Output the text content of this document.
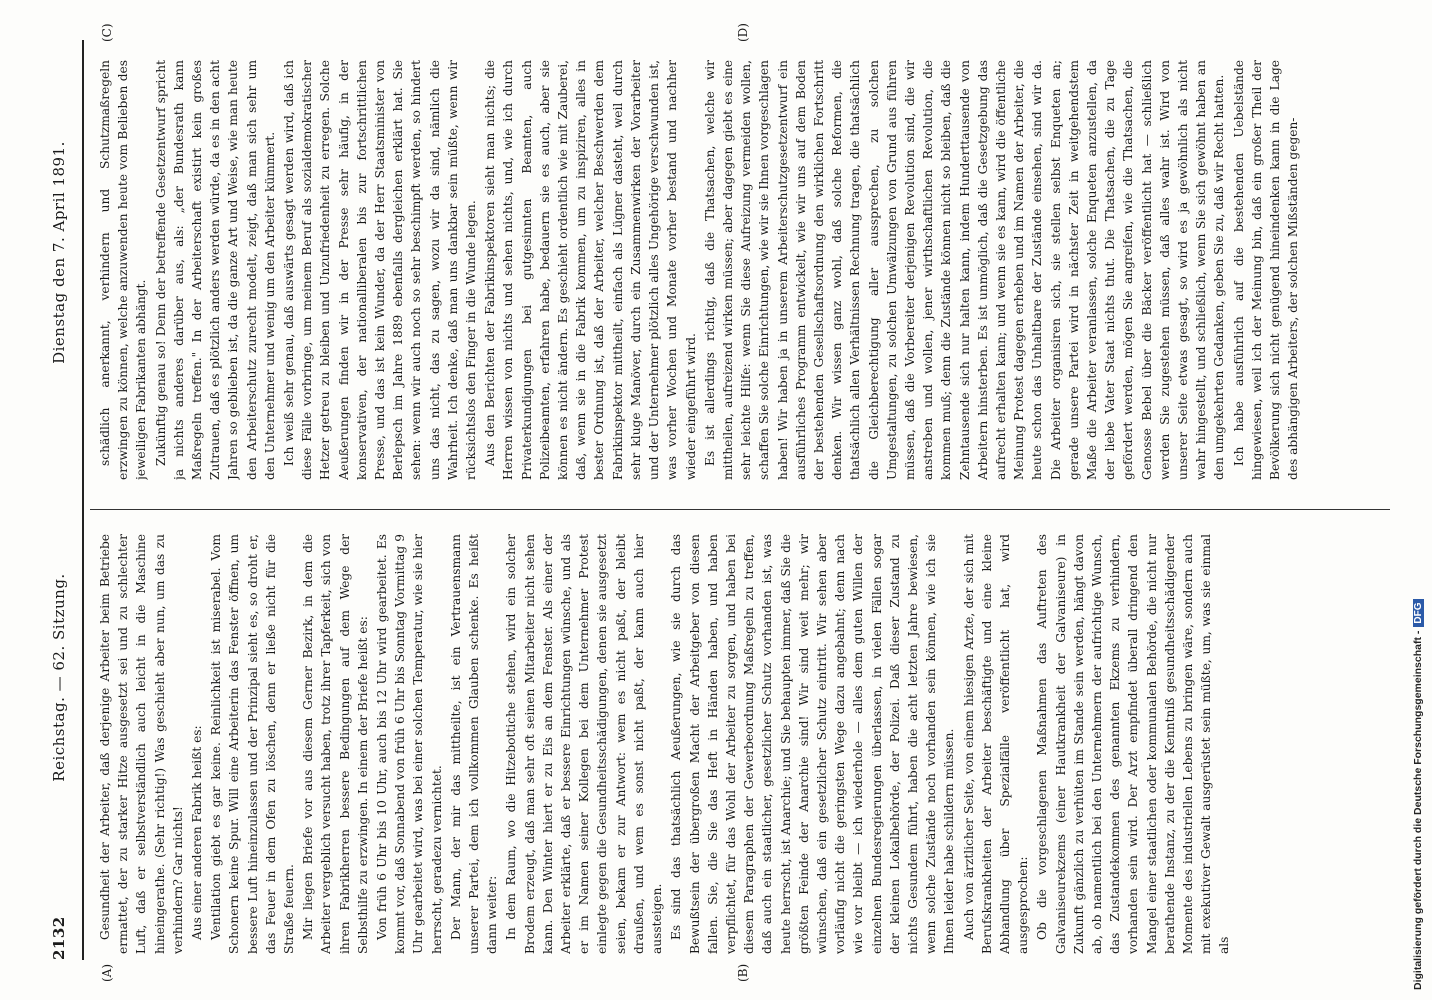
2132
Reichstag. — 62. Sitzung.
Dienstag den 7. April 1891.
(A)	(B)
(C)	(D)

Gesundheit der Arbeiter, daß derjenige Arbeiter beim Betriebe ermattet, der zu starker Hitze ausgesetzt sei und zu schlechter Luft, daß er selbstverständlich auch leicht in die Maschine hineingerathe. (Sehr richtig!) Was geschieht aber nun, um das zu verhindern? Gar nichts! Aus einer anderen Fabrik heißt es: Ventilation giebt es gar keine. Reinlichkeit ist miserabel. Vom Schonern keine Spur. Will eine Arbeiterin das Fenster öffnen, um bessere Luft hineinzulassen und der Prinzipal sieht es, so droht er, das Feuer in dem Ofen zu löschen, denn er ließe nicht für die Straße feuern. Mir liegen Briefe vor aus diesem Gerner Bezirk, in dem die Arbeiter vergeblich versucht haben, trotz ihrer Tapferkeit, sich von ihren Fabrikherren bessere Bedingungen auf dem Wege der Selbsthilfe zu erzwingen. In einem der Briefe heißt es: Von früh 6 Uhr bis 10 Uhr, auch bis 12 Uhr wird gearbeitet. Es kommt vor, daß Sonnabend von früh 6 Uhr bis Sonntag Vormittag 9 Uhr gearbeitet wird, was bei einer solchen Temperatur, wie sie hier herrscht, geradezu vernichtet. Der Mann, der mir das mittheilte, ist ein Vertrauensmann unserer Partei, dem ich vollkommen Glauben schenke. Es heißt dann weiter: In dem Raum, wo die Hitzebottiche stehen, wird ein solcher Brodem erzeugt, daß man sehr oft seinen Mitarbeiter nicht sehen kann. Den Winter hiert er zu Eis an dem Fenster. Als einer der Arbeiter erklärte, daß er bessere Einrichtungen wünsche, und als er im Namen seiner Kollegen bei dem Unternehmer Protest einlegte gegen die Gesundheitsschädigungen, denen sie ausgesetzt seien, bekam er zur Antwort: wem es nicht paßt, der bleibt draußen, und wem es sonst nicht paßt, der kann auch hier aussteigen. Es sind das thatsächlich Aeußerungen, wie sie durch das Bewußtsein der übergroßen Macht der Arbeitgeber von diesen fallen. Sie, die Sie das Heft in Händen haben, und haben verpflichtet, für das Wohl der Arbeiter zu sorgen, und haben bei diesem Paragraphen der Gewerbeordnung Maßregeln zu treffen, daß auch ein staatlicher, gesetzlicher Schutz vorhanden ist, was heute herrscht, ist Anarchie; und Sie behaupten immer, daß Sie die größten Feinde der Anarchie sind! Wir sind weit mehr; wir wünschen, daß ein gesetzlicher Schutz eintritt. Wir sehen aber vorläufig nicht die geringsten Wege dazu angebahnt; denn nach wie vor bleibt — ich wiederhole — alles dem guten Willen der einzelnen Bundesregierungen überlassen, in vielen Fällen sogar der kleinen Lokalbehörde, der Polizei. Daß dieser Zustand zu nichts Gesundem führt, haben die acht letzten Jahre bewiesen, wenn solche Zustände noch vorhanden sein können, wie ich sie Ihnen leider habe schildern müssen. Auch von ärztlicher Seite, von einem hiesigen Arzte, der sich mit Berufskrankheiten der Arbeiter beschäftigte und eine kleine Abhandlung über Spezialfälle veröffentlicht hat, wird ausgesprochen: Ob die vorgeschlagenen Maßnahmen das Auftreten des Galvaniseurekzems (einer Hautkrankheit der Galvaniseure) in Zukunft gänzlich zu verhüten im Stande sein werden, hängt davon ab, ob namentlich bei den Unternehmern der aufrichtige Wunsch, das Zustandekommen des genannten Ekzems zu verhindern, vorhanden sein wird. Der Arzt empfindet überall dringend den Mangel einer staatlichen oder kommunalen Behörde, die nicht nur berathende Instanz, zu der die Kenntniß gesundheitsschädigender Momente des industriellen Lebens zu bringen wäre, sondern auch mit exekutiver Gewalt ausgerüstet sein müßte, um, was sie einmal als

schädlich anerkannt, verhindern und Schutzmaßregeln erzwingen zu können, welche anzuwenden heute vom Belieben des jeweiligen Fabrikanten abhängt. Zukünftig genau so! Denn der betreffende Gesetzentwurf spricht ja nichts anderes darüber aus, als: „der Bundesrath kann Maßregeln treffen." In der Arbeiterschaft existirt kein großes Zutrauen, daß es plötzlich anders werden würde, da es in den acht Jahren so geblieben ist, da die ganze Art und Weise, wie man heute den Arbeiterschutz zurecht modelt, zeigt, daß man sich sehr um den Unternehmer und wenig um den Arbeiter kümmert. Ich weiß sehr genau, daß auswärts gesagt werden wird, daß ich diese Fälle vorbringe, um meinem Beruf als sozialdemokratischer Hetzer getreu zu bleiben und Unzufriedenheit zu erregen. Solche Aeußerungen finden wir in der Presse sehr häufig, in der konservativen, der nationalliberalen bis zur fortschrittlichen Presse, und das ist kein Wunder, da der Herr Staatsminister von Berlepsch im Jahre 1889 ebenfalls dergleichen erklärt hat. Sie sehen: wenn wir auch noch so sehr beschimpft werden, so hindert uns das nicht, das zu sagen, wozu wir da sind, nämlich die Wahrheit. Ich denke, daß man uns dankbar sein müßte, wenn wir rücksichtslos den Finger in die Wunde legen. Aus den Berichten der Fabrikinspektoren sieht man nichts; die Herren wissen von nichts und sehen nichts, und, wie ich durch Privaterkundigungen bei gutgesinnten Beamten, auch Polizeibeamten, erfahren habe, bedauern sie es auch, aber sie können es nicht ändern. Es geschieht ordentlich wie mit Zauberei, daß, wenn sie in die Fabrik kommen, um zu inspiziren, alles in bester Ordnung ist, daß der Arbeiter, welcher Beschwerden dem Fabrikinspektor mittheilt, einfach als Lügner dasteht, weil durch sehr kluge Manöver, durch ein Zusammenwirken der Vorarbeiter und der Unternehmer plötzlich alles Ungehörige verschwunden ist, was vorher Wochen und Monate vorher bestand und nachher wieder eingeführt wird. Es ist allerdings richtig, daß die Thatsachen, welche wir mittheilen, aufreizend wirken müssen; aber dagegen giebt es eine sehr leichte Hilfe: wenn Sie diese Aufreizung vermeiden wollen, schaffen Sie solche Einrichtungen, wie wir sie Ihnen vorgeschlagen haben! Wir haben ja in unserem Arbeiterschutzgesetzentwurf ein ausführliches Programm entwickelt, wie wir uns auf dem Boden der bestehenden Gesellschaftsordnung den wirklichen Fortschritt denken. Wir wissen ganz wohl, daß solche Reformen, die thatsächlich allen Verhältnissen Rechnung tragen, die thatsächlich die Gleichberechtigung aller aussprechen, zu solchen Umgestaltungen, zu solchen Umwälzungen von Grund aus führen müssen, daß die Vorbereiter derjenigen Revolution sind, die wir anstreben und wollen, jener wirthschaftlichen Revolution, die kommen muß; denn die Zustände können nicht so bleiben, daß die Zehntausende sich nur halten kann, indem Hunderttausende von Arbeitern hinsterben. Es ist unmöglich, daß die Gesetzgebung das aufrecht erhalten kann; und wenn sie es kann, wird die öffentliche Meinung Protest dagegen erheben und im Namen der Arbeiter, die heute schon das Unhaltbare der Zustände einsehen, sind wir da. Die Arbeiter organisiren sich, sie stellen selbst Enqueten an; gerade unsere Partei wird in nächster Zeit in weitgehendstem Maße die Arbeiter veranlassen, solche Enqueten anzustellen, da der liebe Vater Staat nichts thut. Die Thatsachen, die zu Tage gefördert werden, mögen Sie angreifen, wie die Thatsachen, die Genosse Bebel über die Bäcker veröffentlicht hat — schließlich werden Sie zugestehen müssen, daß alles wahr ist. Wird von unserer Seite etwas gesagt, so wird es ja gewöhnlich als nicht wahr hingestellt, und schließlich, wenn Sie sich gewöhnt haben an den umgekehrten Gedanken, geben Sie zu, daß wir Recht hatten. Ich habe ausführlich auf die bestehenden Uebelstände hingewiesen, weil ich der Meinung bin, daß ein großer Theil der Bevölkerung sich nicht genügend hineindenken kann in die Lage des abhängigen Arbeiters, der solchen Mißständen gegen-

Digitalisierung gefördert durch die Deutsche Forschungsgemeinschaft -DFG
